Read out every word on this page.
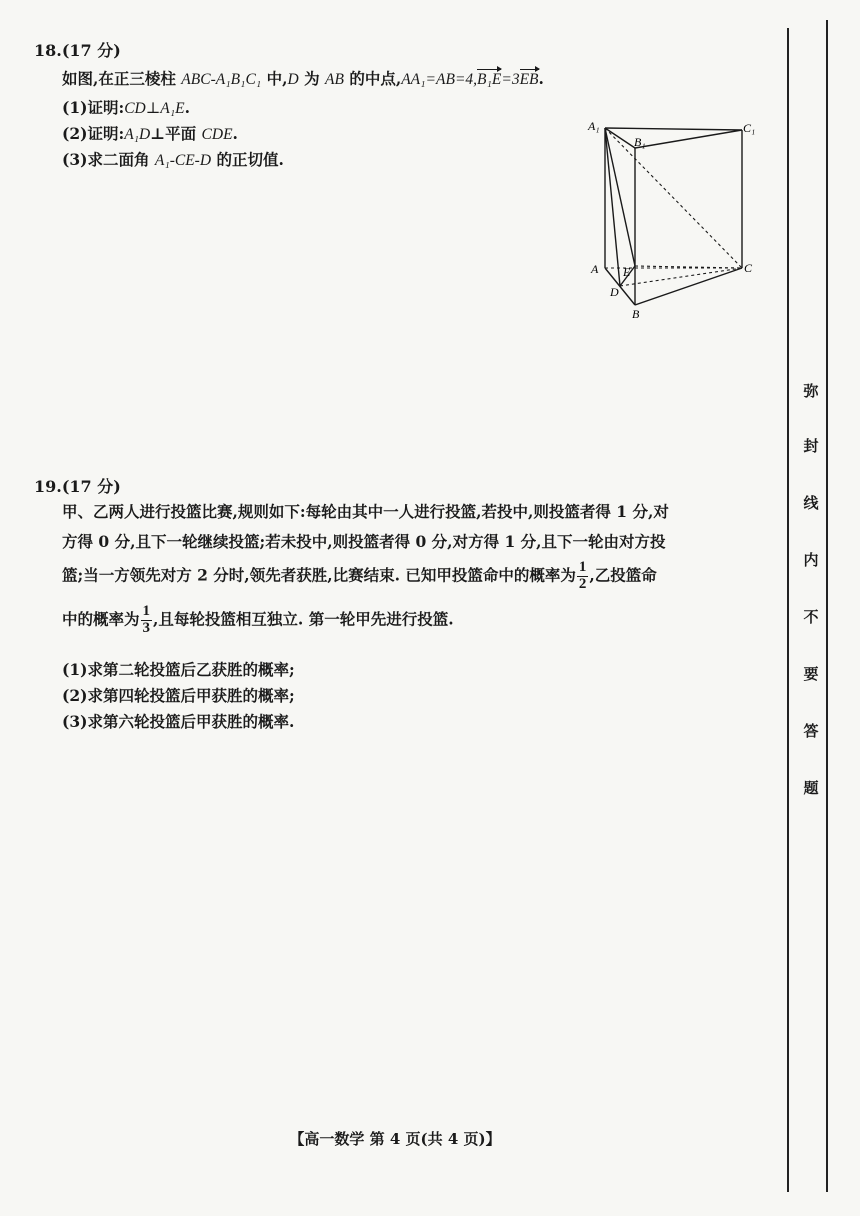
18.(17 分)
如图,在正三棱柱 ABC-A₁B₁C₁ 中,D 为 AB 的中点,AA₁=AB=4,B₁E=3EB.
(1)证明:CD⊥A₁E.
(2)证明:A₁D⊥平面 CDE.
(3)求二面角 A₁-CE-D 的正切值.
A₁
B₁
C₁
A E	C
D
B
19.(17 分)
甲、乙两人进行投篮比赛,规则如下:每轮由其中一人进行投篮,若投中,则投篮者得 1 分,对
方得 0 分,且下一轮继续投篮;若未投中,则投篮者得 0 分,对方得 1 分,且下一轮由对方投
篮;当一方领先对方 2 分时,领先者获胜,比赛结束. 已知甲投篮命中的概率为 $\frac{1}{2}$ ,乙投篮命
中的概率为 $\frac{1}{3}$ ,且每轮投篮相互独立. 第一轮甲先进行投篮.
(1)求第二轮投篮后乙获胜的概率;
(2)求第四轮投篮后甲获胜的概率;
(3)求第六轮投篮后甲获胜的概率.
弥
封
线
内
不
要
答
题
【高一数学 第 4 页(共 4 页)】
